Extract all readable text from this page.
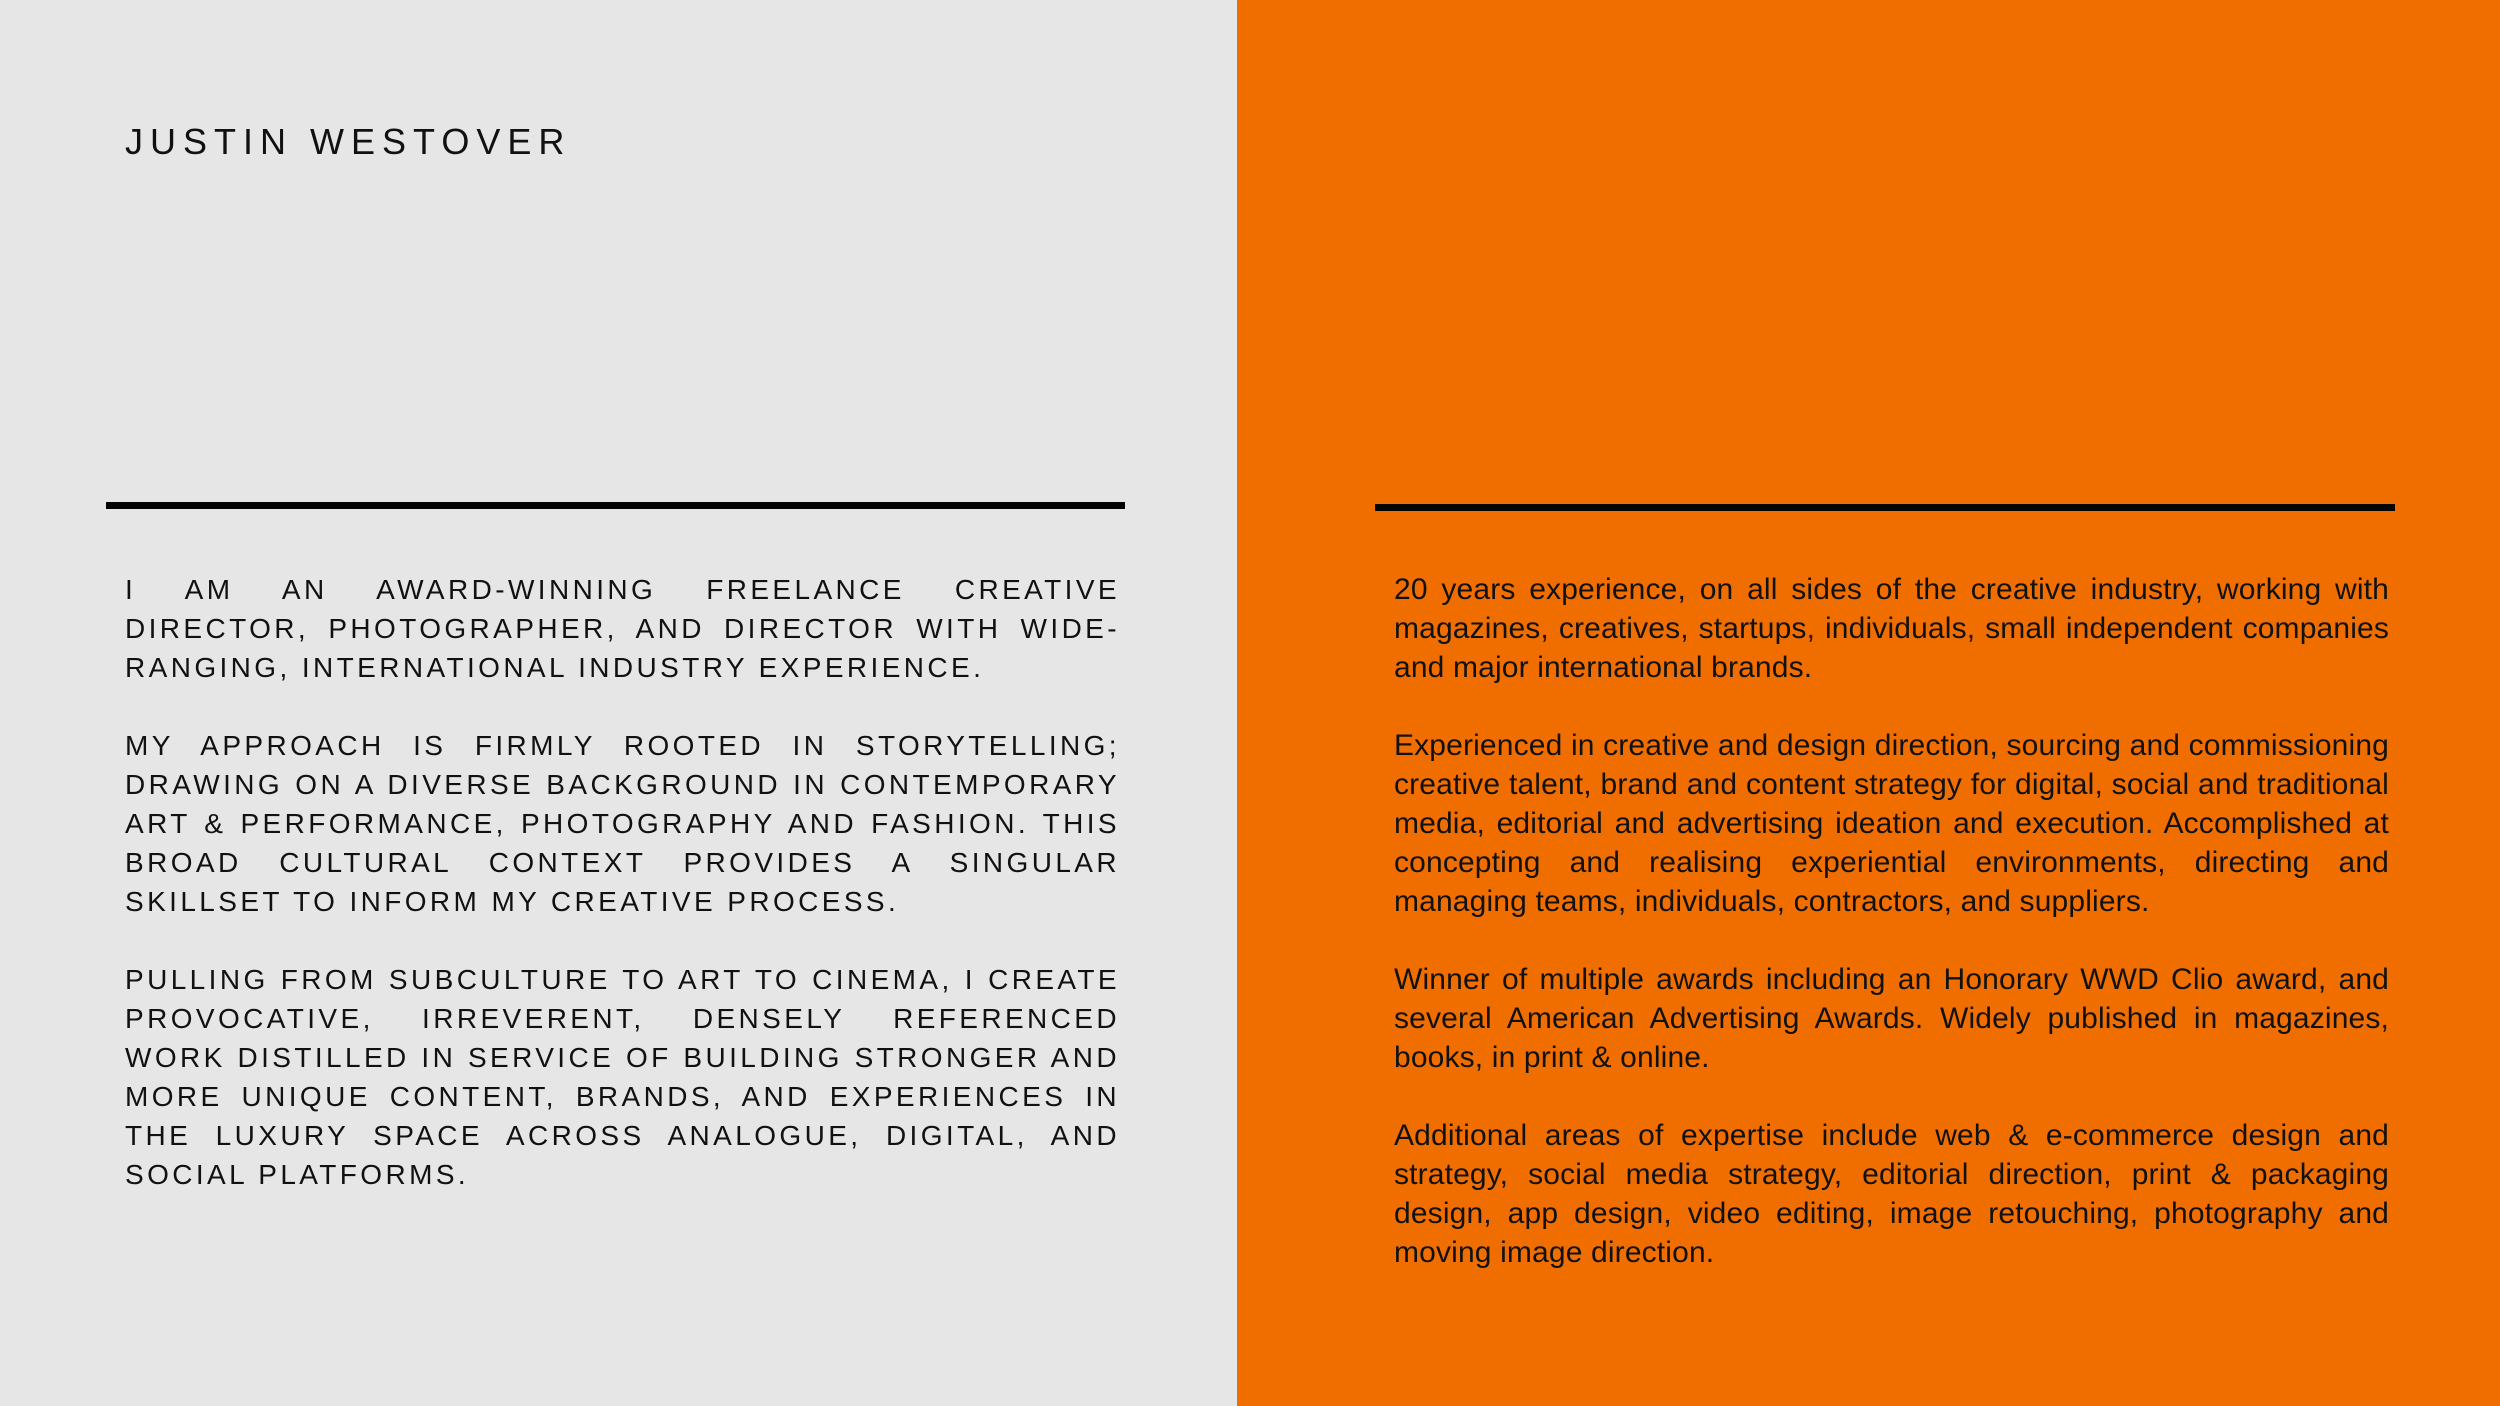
JUSTIN WESTOVER

I AM AN AWARD-WINNING FREELANCE CREATIVE DIRECTOR, PHOTOGRAPHER, AND DIRECTOR WITH WIDE-RANGING, INTERNATIONAL INDUSTRY EXPERIENCE.

MY APPROACH IS FIRMLY ROOTED IN STORYTELLING; DRAWING ON A DIVERSE BACKGROUND IN CONTEMPORARY ART & PERFORMANCE, PHOTOGRAPHY AND FASHION. THIS BROAD CULTURAL CONTEXT PROVIDES A SINGULAR SKILLSET TO INFORM MY CREATIVE PROCESS.

PULLING FROM SUBCULTURE TO ART TO CINEMA, I CREATE PROVOCATIVE, IRREVERENT, DENSELY REFERENCED WORK DISTILLED IN SERVICE OF BUILDING STRONGER AND MORE UNIQUE CONTENT, BRANDS, AND EXPERIENCES IN THE LUXURY SPACE ACROSS ANALOGUE, DIGITAL, AND SOCIAL PLATFORMS.

20 years experience, on all sides of the creative industry, working with magazines, creatives, startups, individuals, small independent companies and major international brands.

Experienced in creative and design direction, sourcing and commissioning creative talent, brand and content strategy for digital, social and traditional media, editorial and advertising ideation and execution. Accomplished at concepting and realising experiential environments, directing and managing teams, individuals, contractors, and suppliers.

Winner of multiple awards including an Honorary WWD Clio award, and several American Advertising Awards. Widely published in magazines, books, in print & online.

Additional areas of expertise include web & e-commerce design and strategy, social media strategy, editorial direction, print & packaging design, app design, video editing, image retouching, photography and moving image direction.
